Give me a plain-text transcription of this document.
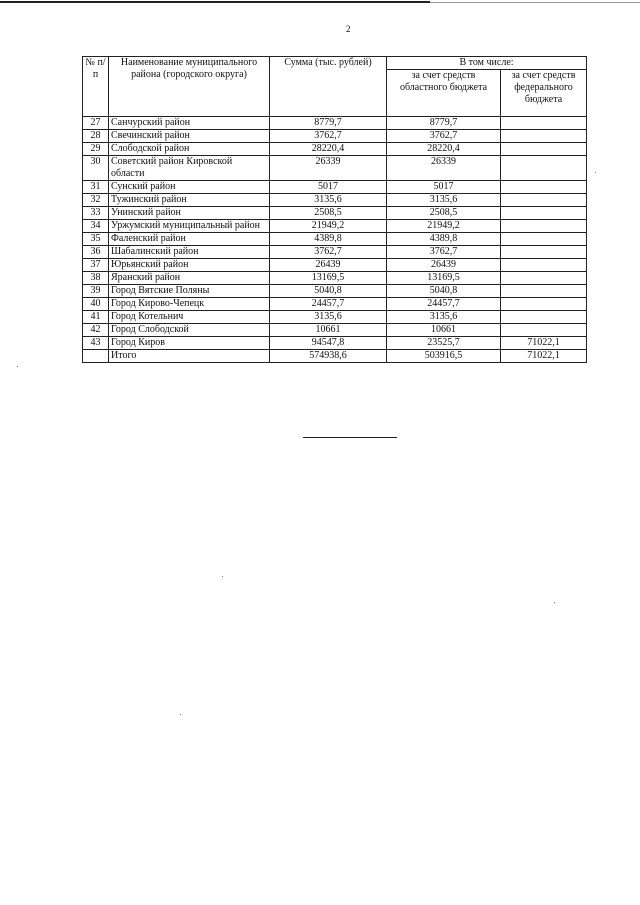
2
№ п/п	Наименование муниципального района (городского округа)	Сумма (тыс. рублей)	В том числе:	
			за счет средств областного бюджета	за счет средств федерального бюджета
27	Санчурский район	8779,7	8779,7	
28	Свечинский район	3762,7	3762,7	
29	Слободской район	28220,4	28220,4	
30	Советский район Кировской области	26339	26339	
31	Сунский район	5017	5017	
32	Тужинский район	3135,6	3135,6	
33	Унинский район	2508,5	2508,5	
34	Уржумский муниципальный район	21949,2	21949,2	
35	Фаленский район	4389,8	4389,8	
36	Шабалинский район	3762,7	3762,7	
37	Юрьянский район	26439	26439	
38	Яранский район	13169,5	13169,5	
39	Город Вятские Поляны	5040,8	5040,8	
40	Город Кирово-Чепецк	24457,7	24457,7	
41	Город Котельнич	3135,6	3135,6	
42	Город Слободской	10661	10661	
43	Город Киров	94547,8	23525,7	71022,1
	Итого	574938,6	503916,5	71022,1
